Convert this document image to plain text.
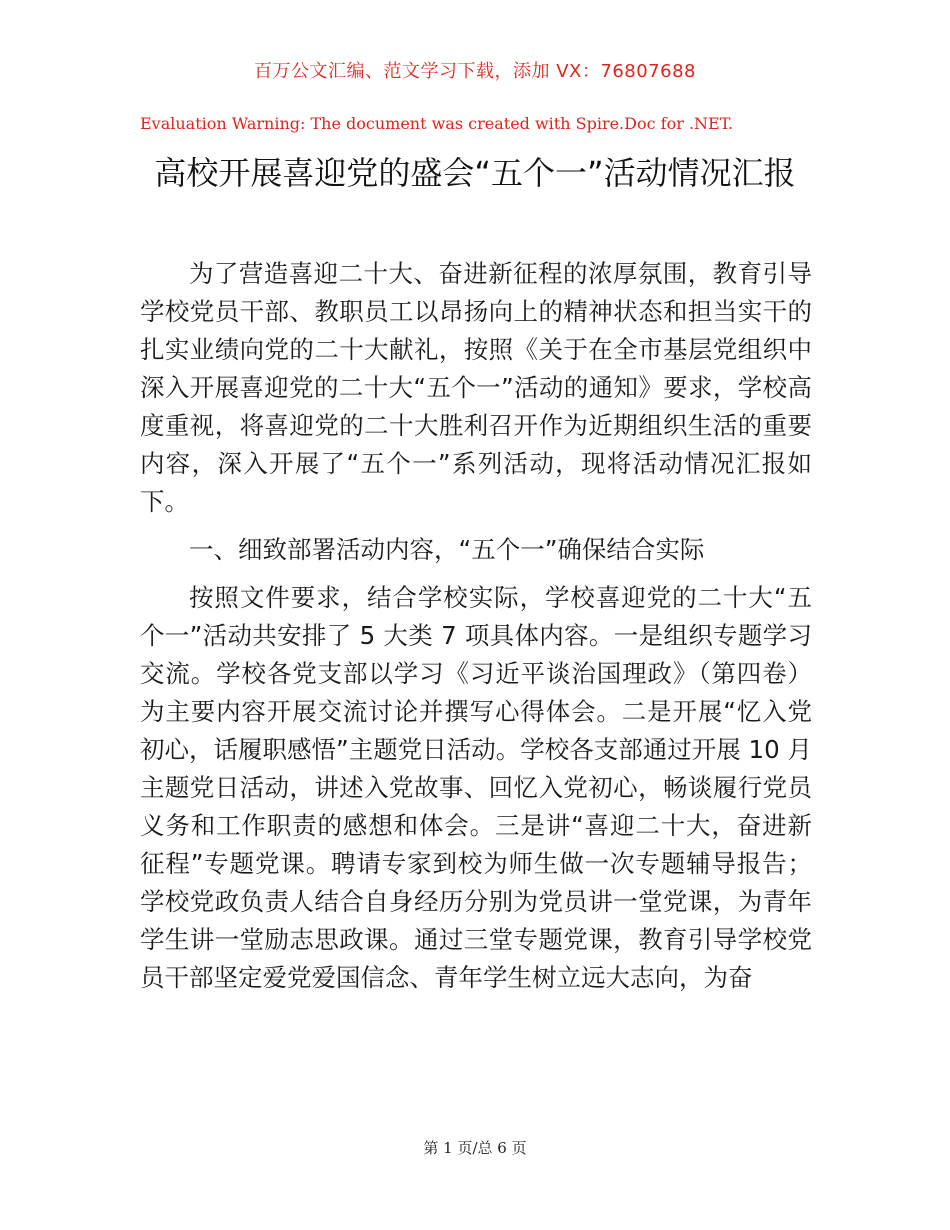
百万公文汇编、范文学习下载，添加 VX：76807688
Evaluation Warning: The document was created with Spire.Doc for .NET.
高校开展喜迎党的盛会“五个一”活动情况汇报

为了营造喜迎二十大、奋进新征程的浓厚氛围，教育引导学校党员干部、教职员工以昂扬向上的精神状态和担当实干的扎实业绩向党的二十大献礼，按照《关于在全市基层党组织中深入开展喜迎党的二十大“五个一”活动的通知》要求，学校高度重视，将喜迎党的二十大胜利召开作为近期组织生活的重要内容，深入开展了“五个一”系列活动，现将活动情况汇报如下。

一、细致部署活动内容，“五个一”确保结合实际

按照文件要求，结合学校实际，学校喜迎党的二十大“五个一”活动共安排了 5 大类 7 项具体内容。一是组织专题学习交流。学校各党支部以学习《习近平谈治国理政》（第四卷）为主要内容开展交流讨论并撰写心得体会。二是开展“忆入党初心，话履职感悟”主题党日活动。学校各支部通过开展 10 月主题党日活动，讲述入党故事、回忆入党初心，畅谈履行党员义务和工作职责的感想和体会。三是讲“喜迎二十大，奋进新征程”专题党课。聘请专家到校为师生做一次专题辅导报告；学校党政负责人结合自身经历分别为党员讲一堂党课，为青年学生讲一堂励志思政课。通过三堂专题党课，教育引导学校党员干部坚定爱党爱国信念、青年学生树立远大志向，为奋

第 1 页/总 6 页
